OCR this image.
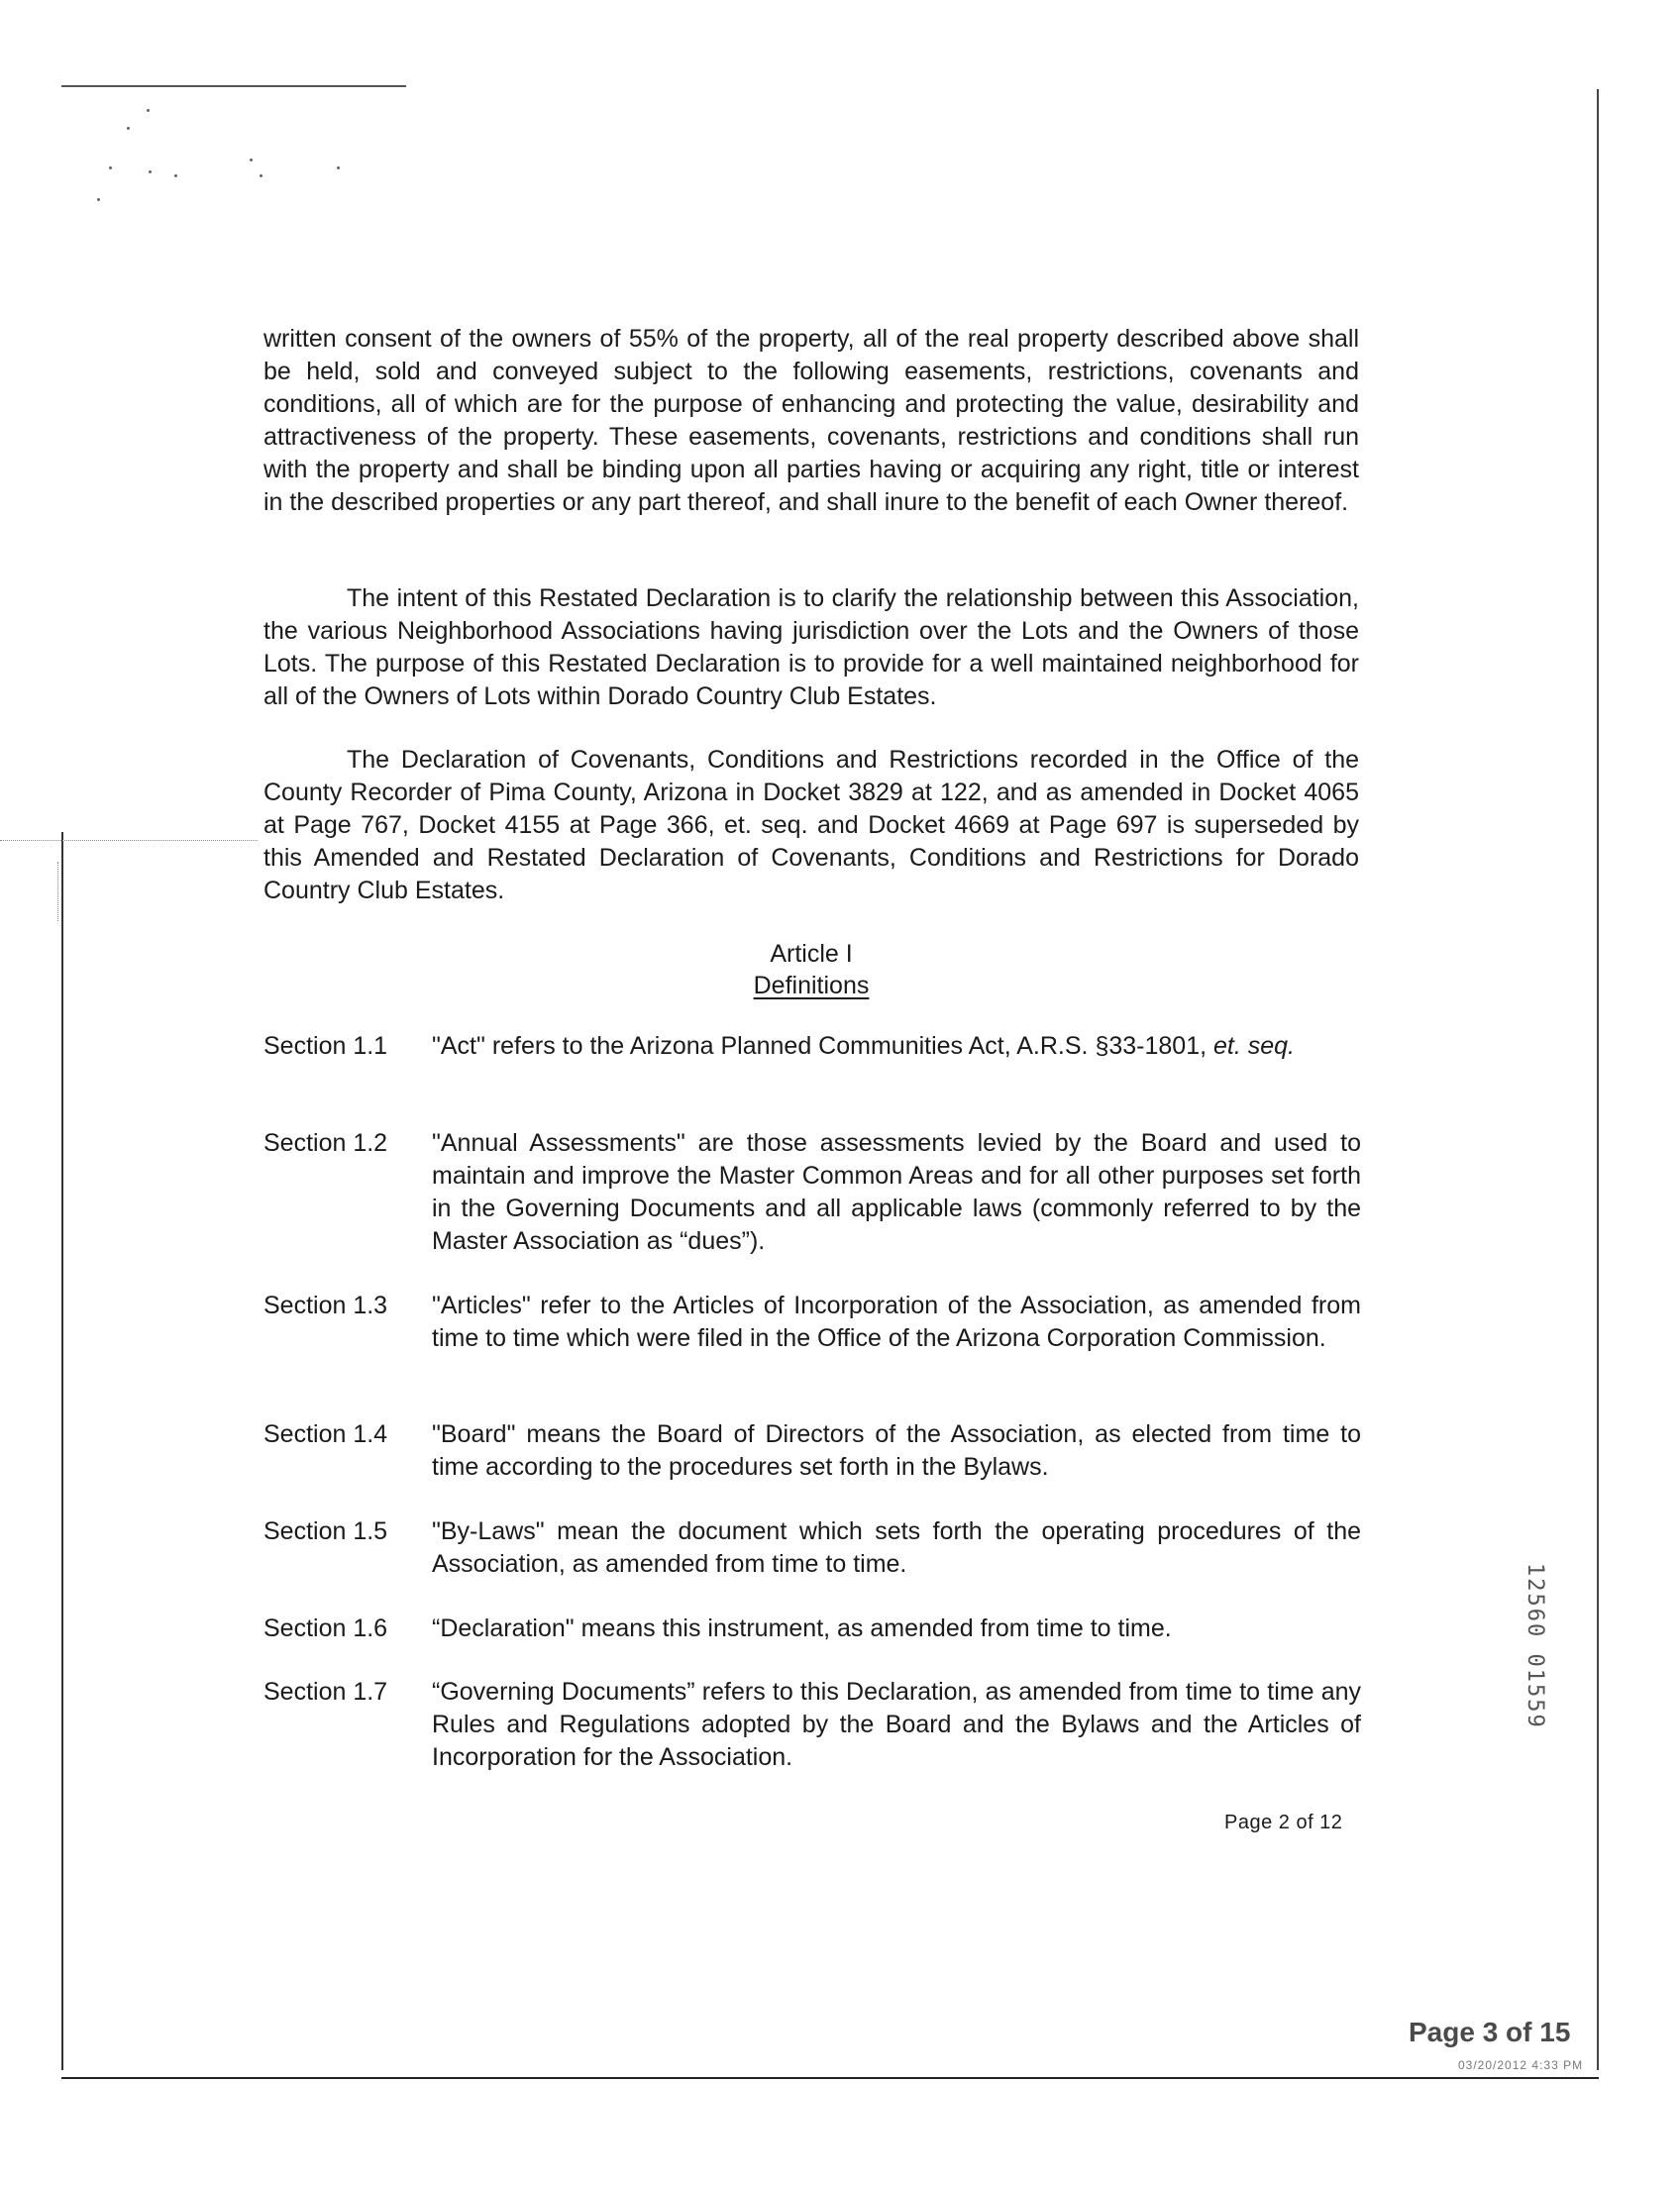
written consent of the owners of 55% of the property, all of the real property described above shall be held, sold and conveyed subject to the following easements, restrictions, covenants and conditions, all of which are for the purpose of enhancing and protecting the value, desirability and attractiveness of the property. These easements, covenants, restrictions and conditions shall run with the property and shall be binding upon all parties having or acquiring any right, title or interest in the described properties or any part thereof, and shall inure to the benefit of each Owner thereof.

The intent of this Restated Declaration is to clarify the relationship between this Association, the various Neighborhood Associations having jurisdiction over the Lots and the Owners of those Lots. The purpose of this Restated Declaration is to provide for a well maintained neighborhood for all of the Owners of Lots within Dorado Country Club Estates.

The Declaration of Covenants, Conditions and Restrictions recorded in the Office of the County Recorder of Pima County, Arizona in Docket 3829 at 122, and as amended in Docket 4065 at Page 767, Docket 4155 at Page 366, et. seq. and Docket 4669 at Page 697 is superseded by this Amended and Restated Declaration of Covenants, Conditions and Restrictions for Dorado Country Club Estates.

Article I
Definitions
Section 1.1	"Act" refers to the Arizona Planned Communities Act, A.R.S. §33-1801, et. seq.
Section 1.2	"Annual Assessments" are those assessments levied by the Board and used to maintain and improve the Master Common Areas and for all other purposes set forth in the Governing Documents and all applicable laws (commonly referred to by the Master Association as “dues”).
Section 1.3	"Articles" refer to the Articles of Incorporation of the Association, as amended from time to time which were filed in the Office of the Arizona Corporation Commission.
Section 1.4	"Board" means the Board of Directors of the Association, as elected from time to time according to the procedures set forth in the Bylaws.
Section 1.5	"By-Laws" mean the document which sets forth the operating procedures of the Association, as amended from time to time.
Section 1.6	“Declaration" means this instrument, as amended from time to time.
Section 1.7	“Governing Documents” refers to this Declaration, as amended from time to time any Rules and Regulations adopted by the Board and the Bylaws and the Articles of Incorporation for the Association.
Page 2 of 12
12560 01559
Page 3 of 15
03/20/2012 4:33 PM
